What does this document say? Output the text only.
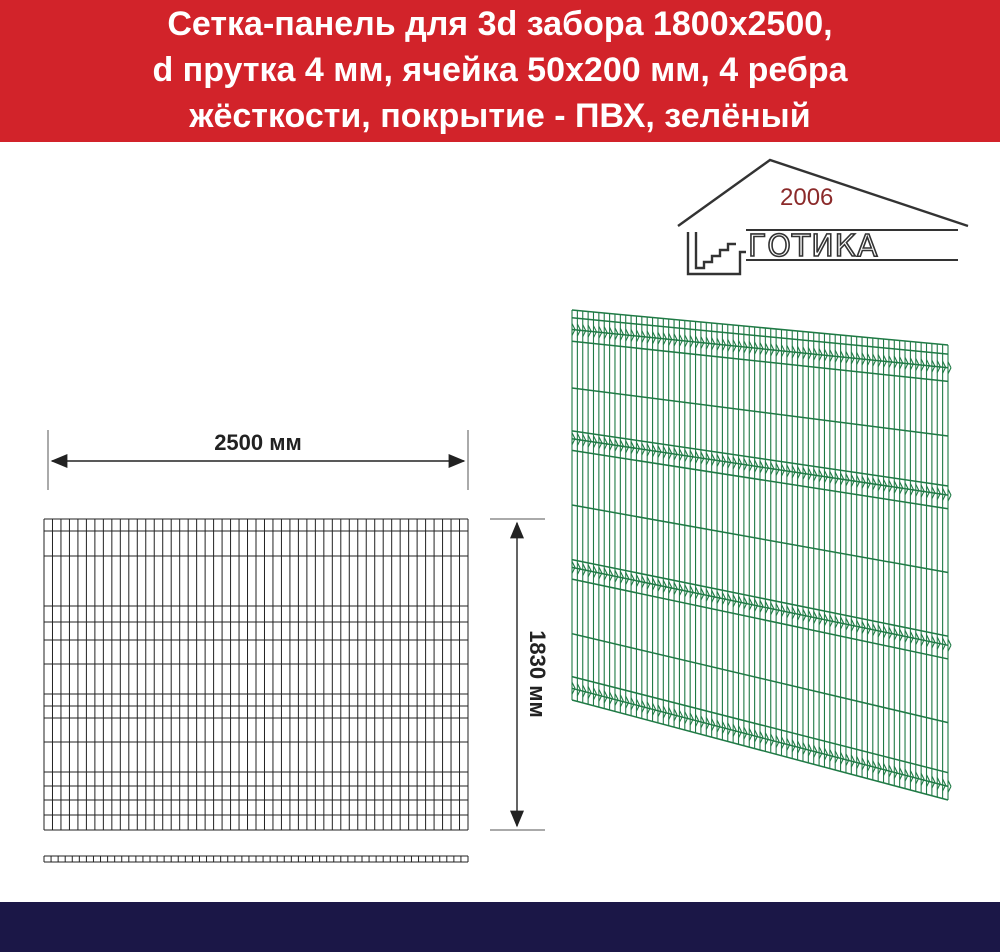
Сетка-панель для 3d забора 1800x2500,
d прутка 4 мм, ячейка 50x200 мм, 4 ребра
жёсткости, покрытие - ПВХ, зелёный
2006
ГОТИКА
2500 мм
1830 мм
